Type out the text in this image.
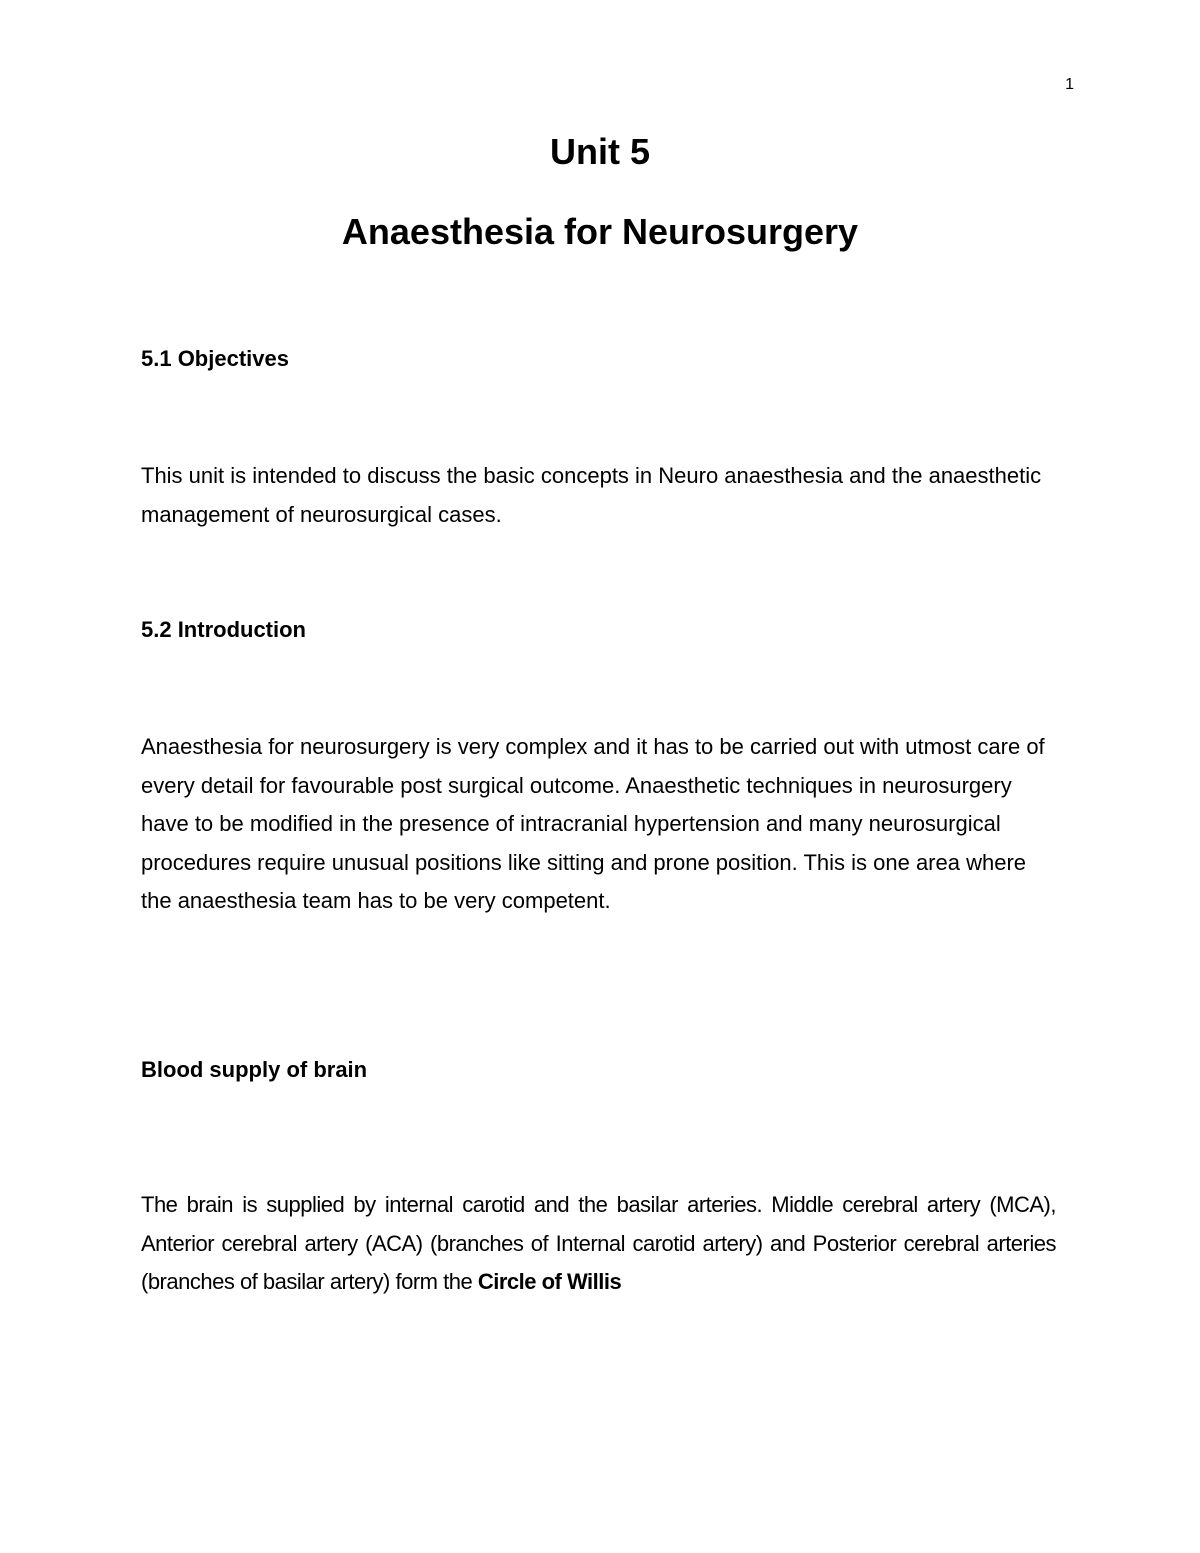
1
Unit 5
Anaesthesia for Neurosurgery
5.1 Objectives

This unit is intended to discuss the basic concepts in Neuro anaesthesia and the anaesthetic management of neurosurgical cases.

5.2 Introduction

Anaesthesia for neurosurgery is very complex and it has to be carried out with utmost care of every detail for favourable post surgical outcome. Anaesthetic techniques in neurosurgery have to be modified in the presence of intracranial hypertension and many neurosurgical procedures require unusual positions like sitting and prone position. This is one area where the anaesthesia team has to be very competent.

Blood supply of brain

The brain is supplied by internal carotid and the basilar arteries. Middle cerebral artery (MCA), Anterior cerebral artery (ACA) (branches of Internal carotid artery) and Posterior cerebral arteries (branches of basilar artery) form the Circle of Willis
